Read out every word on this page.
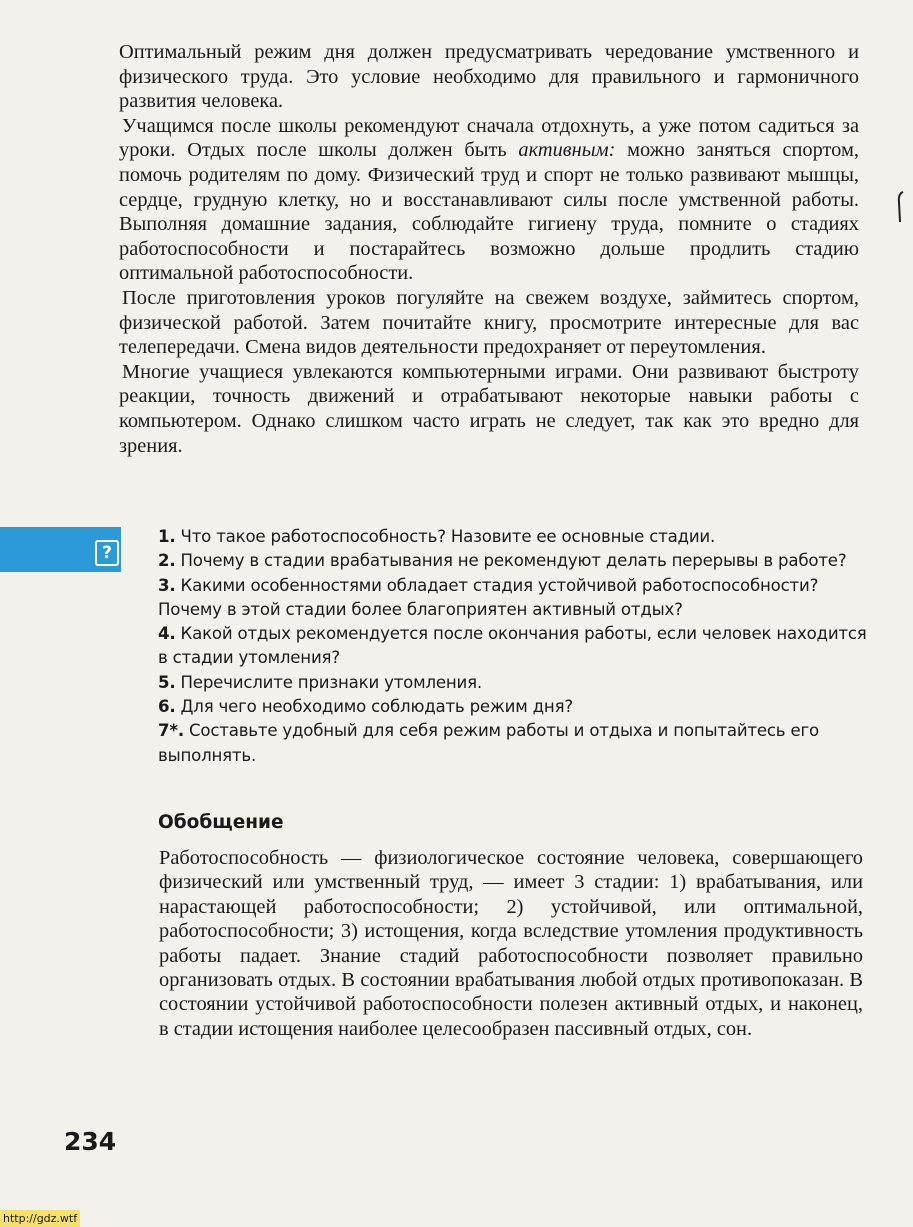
Оптимальный режим дня должен предусматривать чередование умственного и физического труда. Это условие необходимо для правильного и гармоничного развития человека.

Учащимся после школы рекомендуют сначала отдохнуть, а уже потом садиться за уроки. Отдых после школы должен быть активным: можно заняться спортом, помочь родителям по дому. Физический труд и спорт не только развивают мышцы, сердце, грудную клетку, но и восстанавливают силы после умственной работы. Выполняя домашние задания, соблюдайте гигиену труда, помните о стадиях работоспособности и постарайтесь возможно дольше продлить стадию оптимальной работоспособности.

После приготовления уроков погуляйте на свежем воздухе, займитесь спортом, физической работой. Затем почитайте книгу, просмотрите интересные для вас телепередачи. Смена видов деятельности предохраняет от переутомления.

Многие учащиеся увлекаются компьютерными играми. Они развивают быстроту реакции, точность движений и отрабатывают некоторые навыки работы с компьютером. Однако слишком часто играть не следует, так как это вредно для зрения.

?

1. Что такое работоспособность? Назовите ее основные стадии.

2. Почему в стадии врабатывания не рекомендуют делать перерывы в работе?

3. Какими особенностями обладает стадия устойчивой работоспособности? Почему в этой стадии более благоприятен активный отдых?

4. Какой отдых рекомендуется после окончания работы, если человек находится в стадии утомления?

5. Перечислите признаки утомления.

6. Для чего необходимо соблюдать режим дня?

7*. Составьте удобный для себя режим работы и отдыха и попытайтесь его выполнять.

Обобщение
Работоспособность — физиологическое состояние человека, совершающего физический или умственный труд, — имеет 3 стадии: 1) врабатывания, или нарастающей работоспособности; 2) устойчивой, или оптимальной, работоспособности; 3) истощения, когда вследствие утомления продуктивность работы падает. Знание стадий работоспособности позволяет правильно организовать отдых. В состоянии врабатывания любой отдых противопоказан. В состоянии устойчивой работоспособности полезен активный отдых, и наконец, в стадии истощения наиболее целесообразен пассивный отдых, сон.
234
http://gdz.wtf
